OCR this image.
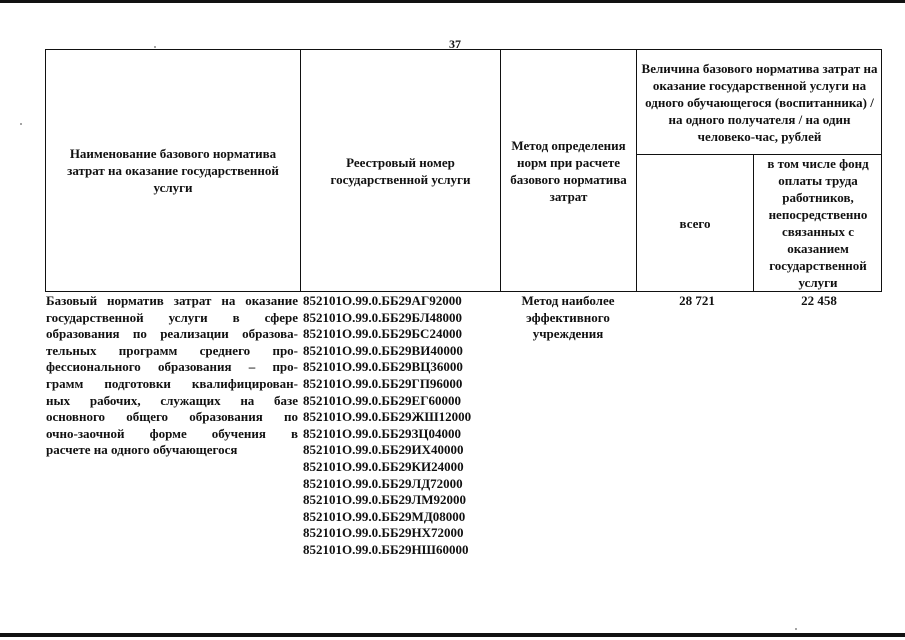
37
Наименование базового норматива затрат на оказание государственной услуги
Реестровый номер государственной услуги
Метод определения норм при расчете базового норматива затрат
Величина базового норматива затрат на оказание государственной услуги на одного обучающегося (воспитанника) / на одного получателя / на один человеко-час, рублей
всего
в том числе фонд оплаты труда работников, непосредственно связанных с оказанием государственной услуги
Базовый норматив затрат на оказание
государственной услуги в сфере
образования по реализации образова-
тельных программ среднего про-
фессионального образования – про-
грамм подготовки квалифицирован-
ных рабочих, служащих на базе
основного общего образования по
очно-заочной форме обучения в
расчете на одного обучающегося
852101О.99.0.ББ29АГ92000
852101О.99.0.ББ29БЛ48000
852101О.99.0.ББ29БС24000
852101О.99.0.ББ29ВИ40000
852101О.99.0.ББ29ВЦ36000
852101О.99.0.ББ29ГП96000
852101О.99.0.ББ29ЕГ60000
852101О.99.0.ББ29ЖШ12000
852101О.99.0.ББ29ЗЦ04000
852101О.99.0.ББ29ИХ40000
852101О.99.0.ББ29КИ24000
852101О.99.0.ББ29ЛД72000
852101О.99.0.ББ29ЛМ92000
852101О.99.0.ББ29МД08000
852101О.99.0.ББ29НХ72000
852101О.99.0.ББ29НШ60000
Метод наиболее эффективного учреждения
28 721	22 458
